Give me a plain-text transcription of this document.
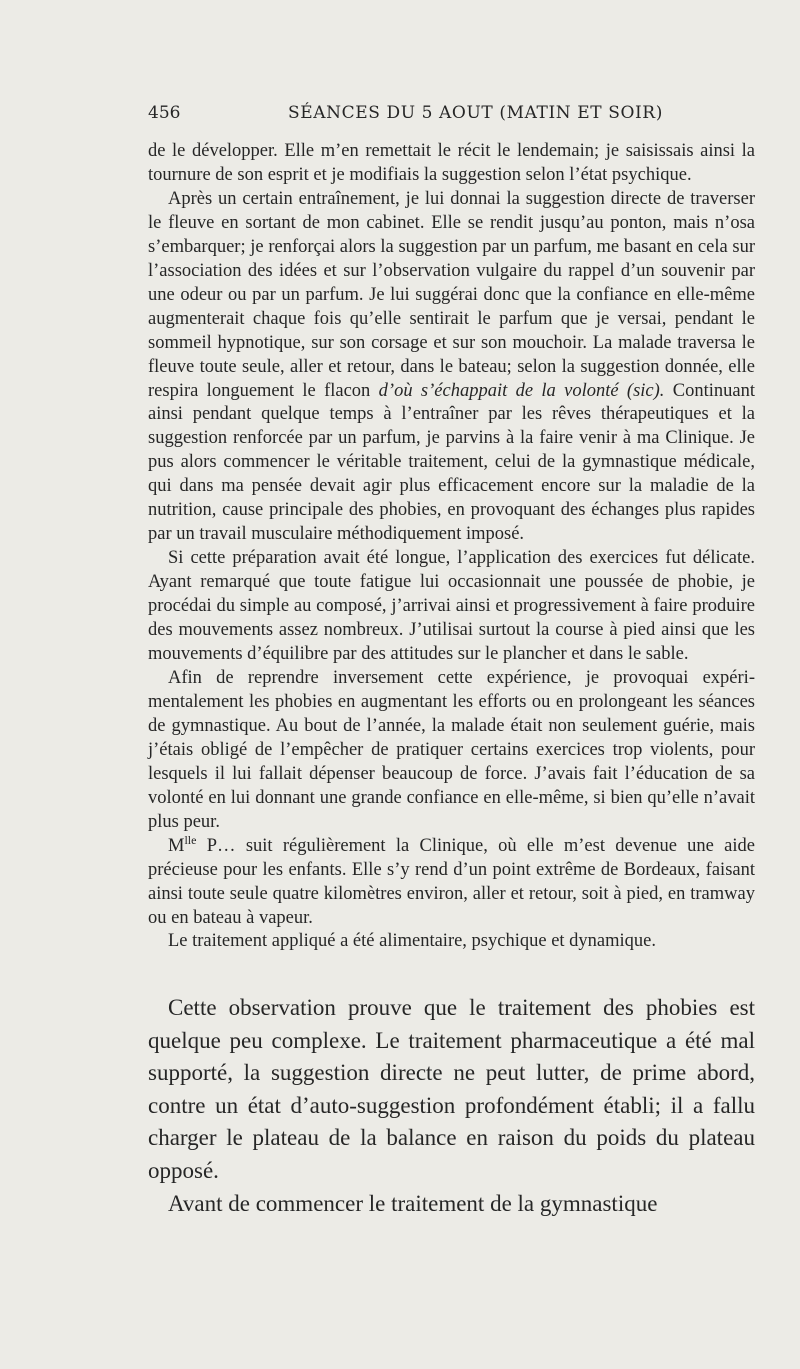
456	SÉANCES DU 5 AOUT (MATIN ET SOIR)

de le développer. Elle m’en remettait le récit le lendemain; je saisissais ainsi la tournure de son esprit et je modifiais la suggestion selon l’état psychique.

Après un certain entraînement, je lui donnai la suggestion directe de traverser le fleuve en sortant de mon cabinet. Elle se rendit jusqu’au ponton, mais n’osa s’embarquer; je renforçai alors la suggestion par un parfum, me basant en cela sur l’association des idées et sur l’observation vulgaire du rappel d’un souvenir par une odeur ou par un parfum. Je lui suggérai donc que la confiance en elle-même augmenterait chaque fois qu’elle sentirait le parfum que je versai, pendant le sommeil hypnotique, sur son corsage et sur son mouchoir. La malade traversa le fleuve toute seule, aller et retour, dans le bateau; selon la suggestion donnée, elle respira longuement le flacon d’où s’échappait de la volonté (sic). Continuant ainsi pendant quelque temps à l’entraîner par les rêves thérapeutiques et la suggestion renforcée par un parfum, je parvins à la faire venir à ma Clinique. Je pus alors commencer le véritable traitement, celui de la gymnastique médicale, qui dans ma pensée devait agir plus efficacement encore sur la maladie de la nutrition, cause principale des phobies, en provoquant des échanges plus rapides par un travail musculaire méthodiquement imposé.

Si cette préparation avait été longue, l’application des exercices fut délicate. Ayant remarqué que toute fatigue lui occasionnait une poussée de phobie, je procédai du simple au composé, j’arrivai ainsi et progressivement à faire produire des mouvements assez nombreux. J’utilisai surtout la course à pied ainsi que les mouvements d’équilibre par des attitudes sur le plancher et dans le sable.

Afin de reprendre inversement cette expérience, je provoquai expérimentalement les phobies en augmentant les efforts ou en prolongeant les séances de gymnastique. Au bout de l’année, la malade était non seulement guérie, mais j’étais obligé de l’empêcher de pratiquer certains exercices trop violents, pour lesquels il lui fallait dépenser beaucoup de force. J’avais fait l’éducation de sa volonté en lui donnant une grande confiance en elle-même, si bien qu’elle n’avait plus peur.

$M^{lle}$ P… suit régulièrement la Clinique, où elle m’est devenue une aide précieuse pour les enfants. Elle s’y rend d’un point extrême de Bordeaux, faisant ainsi toute seule quatre kilomètres environ, aller et retour, soit à pied, en tramway ou en bateau à vapeur.

Le traitement appliqué a été alimentaire, psychique et dynamique.

Cette observation prouve que le traitement des phobies est quelque peu complexe. Le traitement pharmaceutique a été mal supporté, la suggestion directe ne peut lutter, de prime abord, contre un état d’auto-suggestion profondément établi; il a fallu charger le plateau de la balance en raison du poids du plateau opposé.

Avant de commencer le traitement de la gymnastique
